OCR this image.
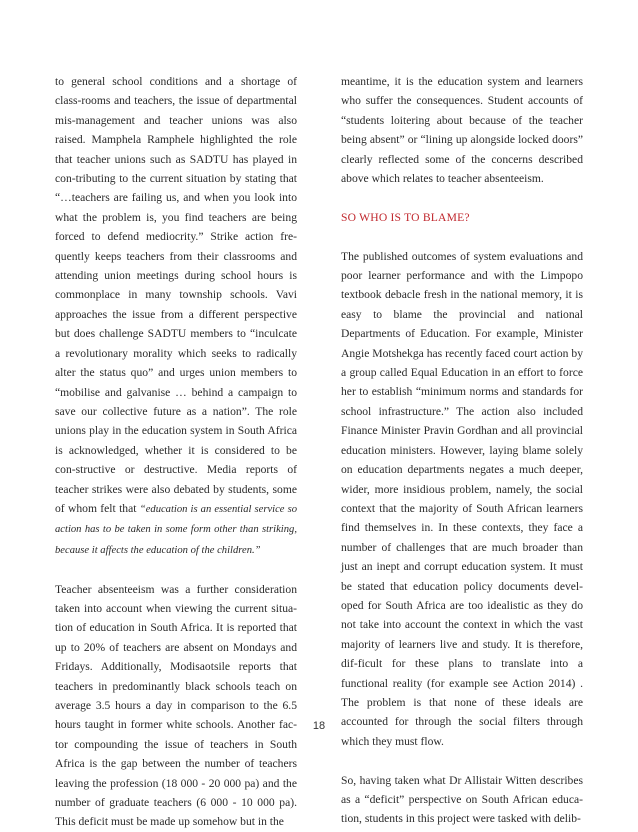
to general school conditions and a shortage of class-rooms and teachers, the issue of departmental mis-management and teacher unions was also raised. Mamphela Ramphele highlighted the role that teacher unions such as SADTU has played in con-tributing to the current situation by stating that “…teachers are failing us, and when you look into what the problem is, you find teachers are being forced to defend mediocrity.” Strike action fre-quently keeps teachers from their classrooms and attending union meetings during school hours is commonplace in many township schools. Vavi approaches the issue from a different perspective but does challenge SADTU members to “inculcate a revolutionary morality which seeks to radically alter the status quo” and urges union members to “mobilise and galvanise … behind a campaign to save our collective future as a nation”. The role unions play in the education system in South Africa is acknowledged, whether it is considered to be con-structive or destructive. Media reports of teacher strikes were also debated by students, some of whom felt that “education is an essential service so action has to be taken in some form other than striking, because it affects the education of the children.”

Teacher absenteeism was a further consideration taken into account when viewing the current situa-tion of education in South Africa. It is reported that up to 20% of teachers are absent on Mondays and Fridays. Additionally, Modisaotsile reports that teachers in predominantly black schools teach on average 3.5 hours a day in comparison to the 6.5 hours taught in former white schools. Another fac-tor compounding the issue of teachers in South Africa is the gap between the number of teachers leaving the profession (18 000 - 20 000 pa) and the number of graduate teachers (6 000 - 10 000 pa). This deficit must be made up somehow but in the

meantime, it is the education system and learners who suffer the consequences. Student accounts of “students loitering about because of the teacher being absent” or “lining up alongside locked doors” clearly reflected some of the concerns described above which relates to teacher absenteeism.

SO WHO IS TO BLAME?

The published outcomes of system evaluations and poor learner performance and with the Limpopo textbook debacle fresh in the national memory, it is easy to blame the provincial and national Departments of Education. For example, Minister Angie Motshekga has recently faced court action by a group called Equal Education in an effort to force her to establish “minimum norms and standards for school infrastructure.” The action also included Finance Minister Pravin Gordhan and all provincial education ministers. However, laying blame solely on education departments negates a much deeper, wider, more insidious problem, namely, the social context that the majority of South African learners find themselves in. In these contexts, they face a number of challenges that are much broader than just an inept and corrupt education system. It must be stated that education policy documents devel-oped for South Africa are too idealistic as they do not take into account the context in which the vast majority of learners live and study. It is therefore, dif-ficult for these plans to translate into a functional reality (for example see Action 2014) . The problem is that none of these ideals are accounted for through the social filters through which they must flow.

So, having taken what Dr Allistair Witten describes as a “deficit” perspective on South African educa-tion, students in this project were tasked with delib-

18
